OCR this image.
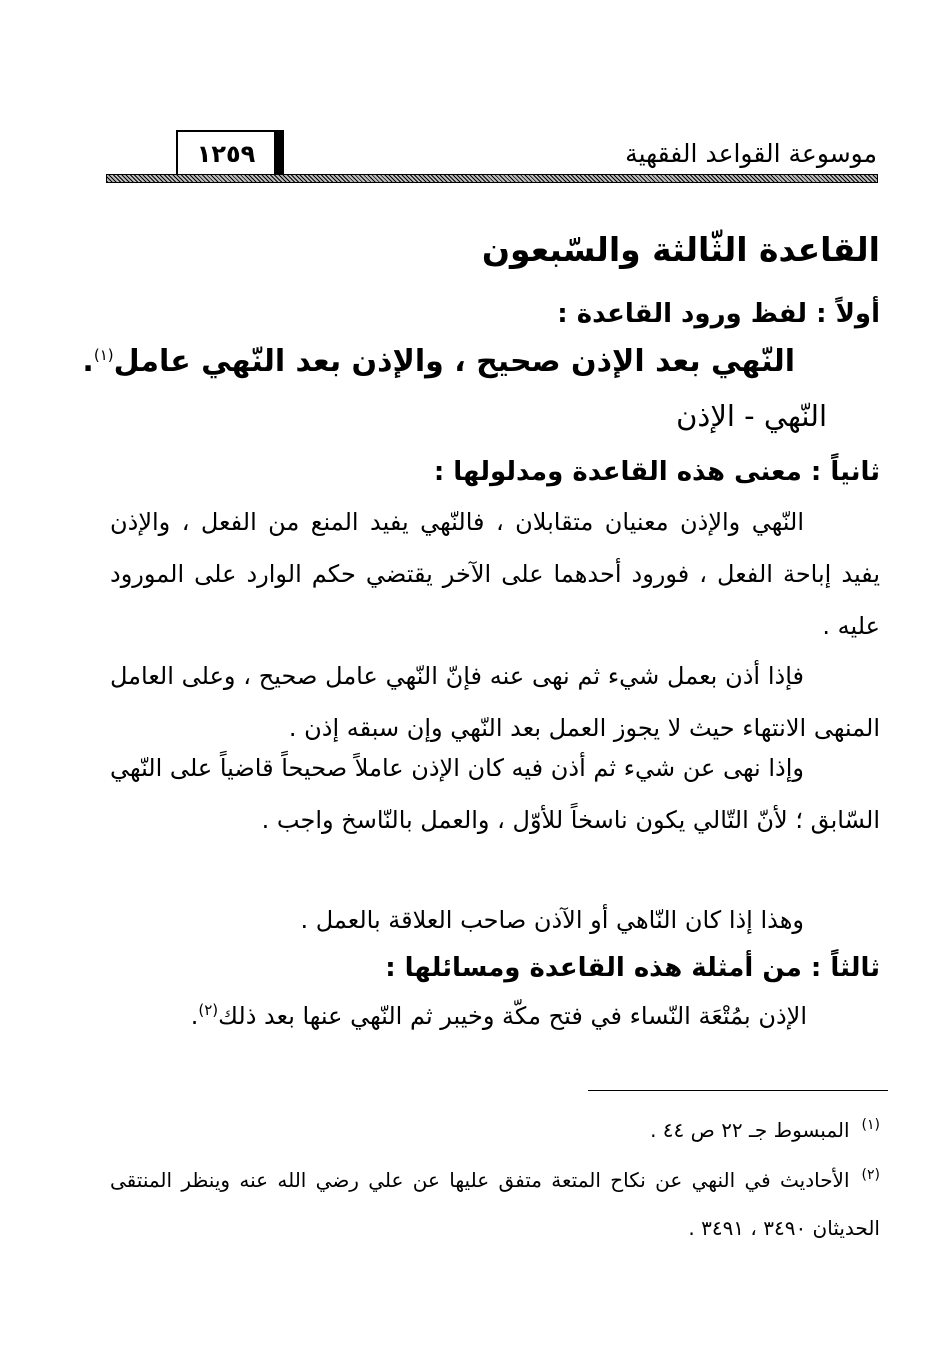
موسوعة القواعد الفقهية
١٢٥٩
القاعدة الثّالثة والسّبعون
أولاً : لفظ ورود القاعدة :
النّهي بعد الإذن صحيح ، والإذن بعد النّهي عامل$^{(١)}$.
النّهي - الإذن
ثانياً : معنى هذه القاعدة ومدلولها :
النّهي والإذن معنيان متقابلان ، فالنّهي يفيد المنع من الفعل ، والإذن يفيد إباحة الفعل ، فورود أحدهما على الآخر يقتضي حكم الوارد على المورود عليه .
فإذا أذن بعمل شيء ثم نهى عنه فإنّ النّهي عامل صحيح ، وعلى العامل المنهى الانتهاء حيث لا يجوز العمل بعد النّهي وإن سبقه إذن .
وإذا نهى عن شيء ثم أذن فيه كان الإذن عاملاً صحيحاً قاضياً على النّهي السّابق ؛ لأنّ التّالي يكون ناسخاً للأوّل ، والعمل بالنّاسخ واجب .
وهذا إذا كان النّاهي أو الآذن صاحب العلاقة بالعمل .
ثالثاً : من أمثلة هذه القاعدة ومسائلها :
الإذن بمُتْعَة النّساء في فتح مكّة وخيبر ثم النّهي عنها بعد ذلك$^{(٢)}$.
$^{(١)}$المبسوط جـ ٢٢ ص ٤٤ .
$^{(٢)}$الأحاديث في النهي عن نكاح المتعة متفق عليها عن علي رضي الله عنه وينظر المنتقى الحديثان ٣٤٩٠ ، ٣٤٩١ .
